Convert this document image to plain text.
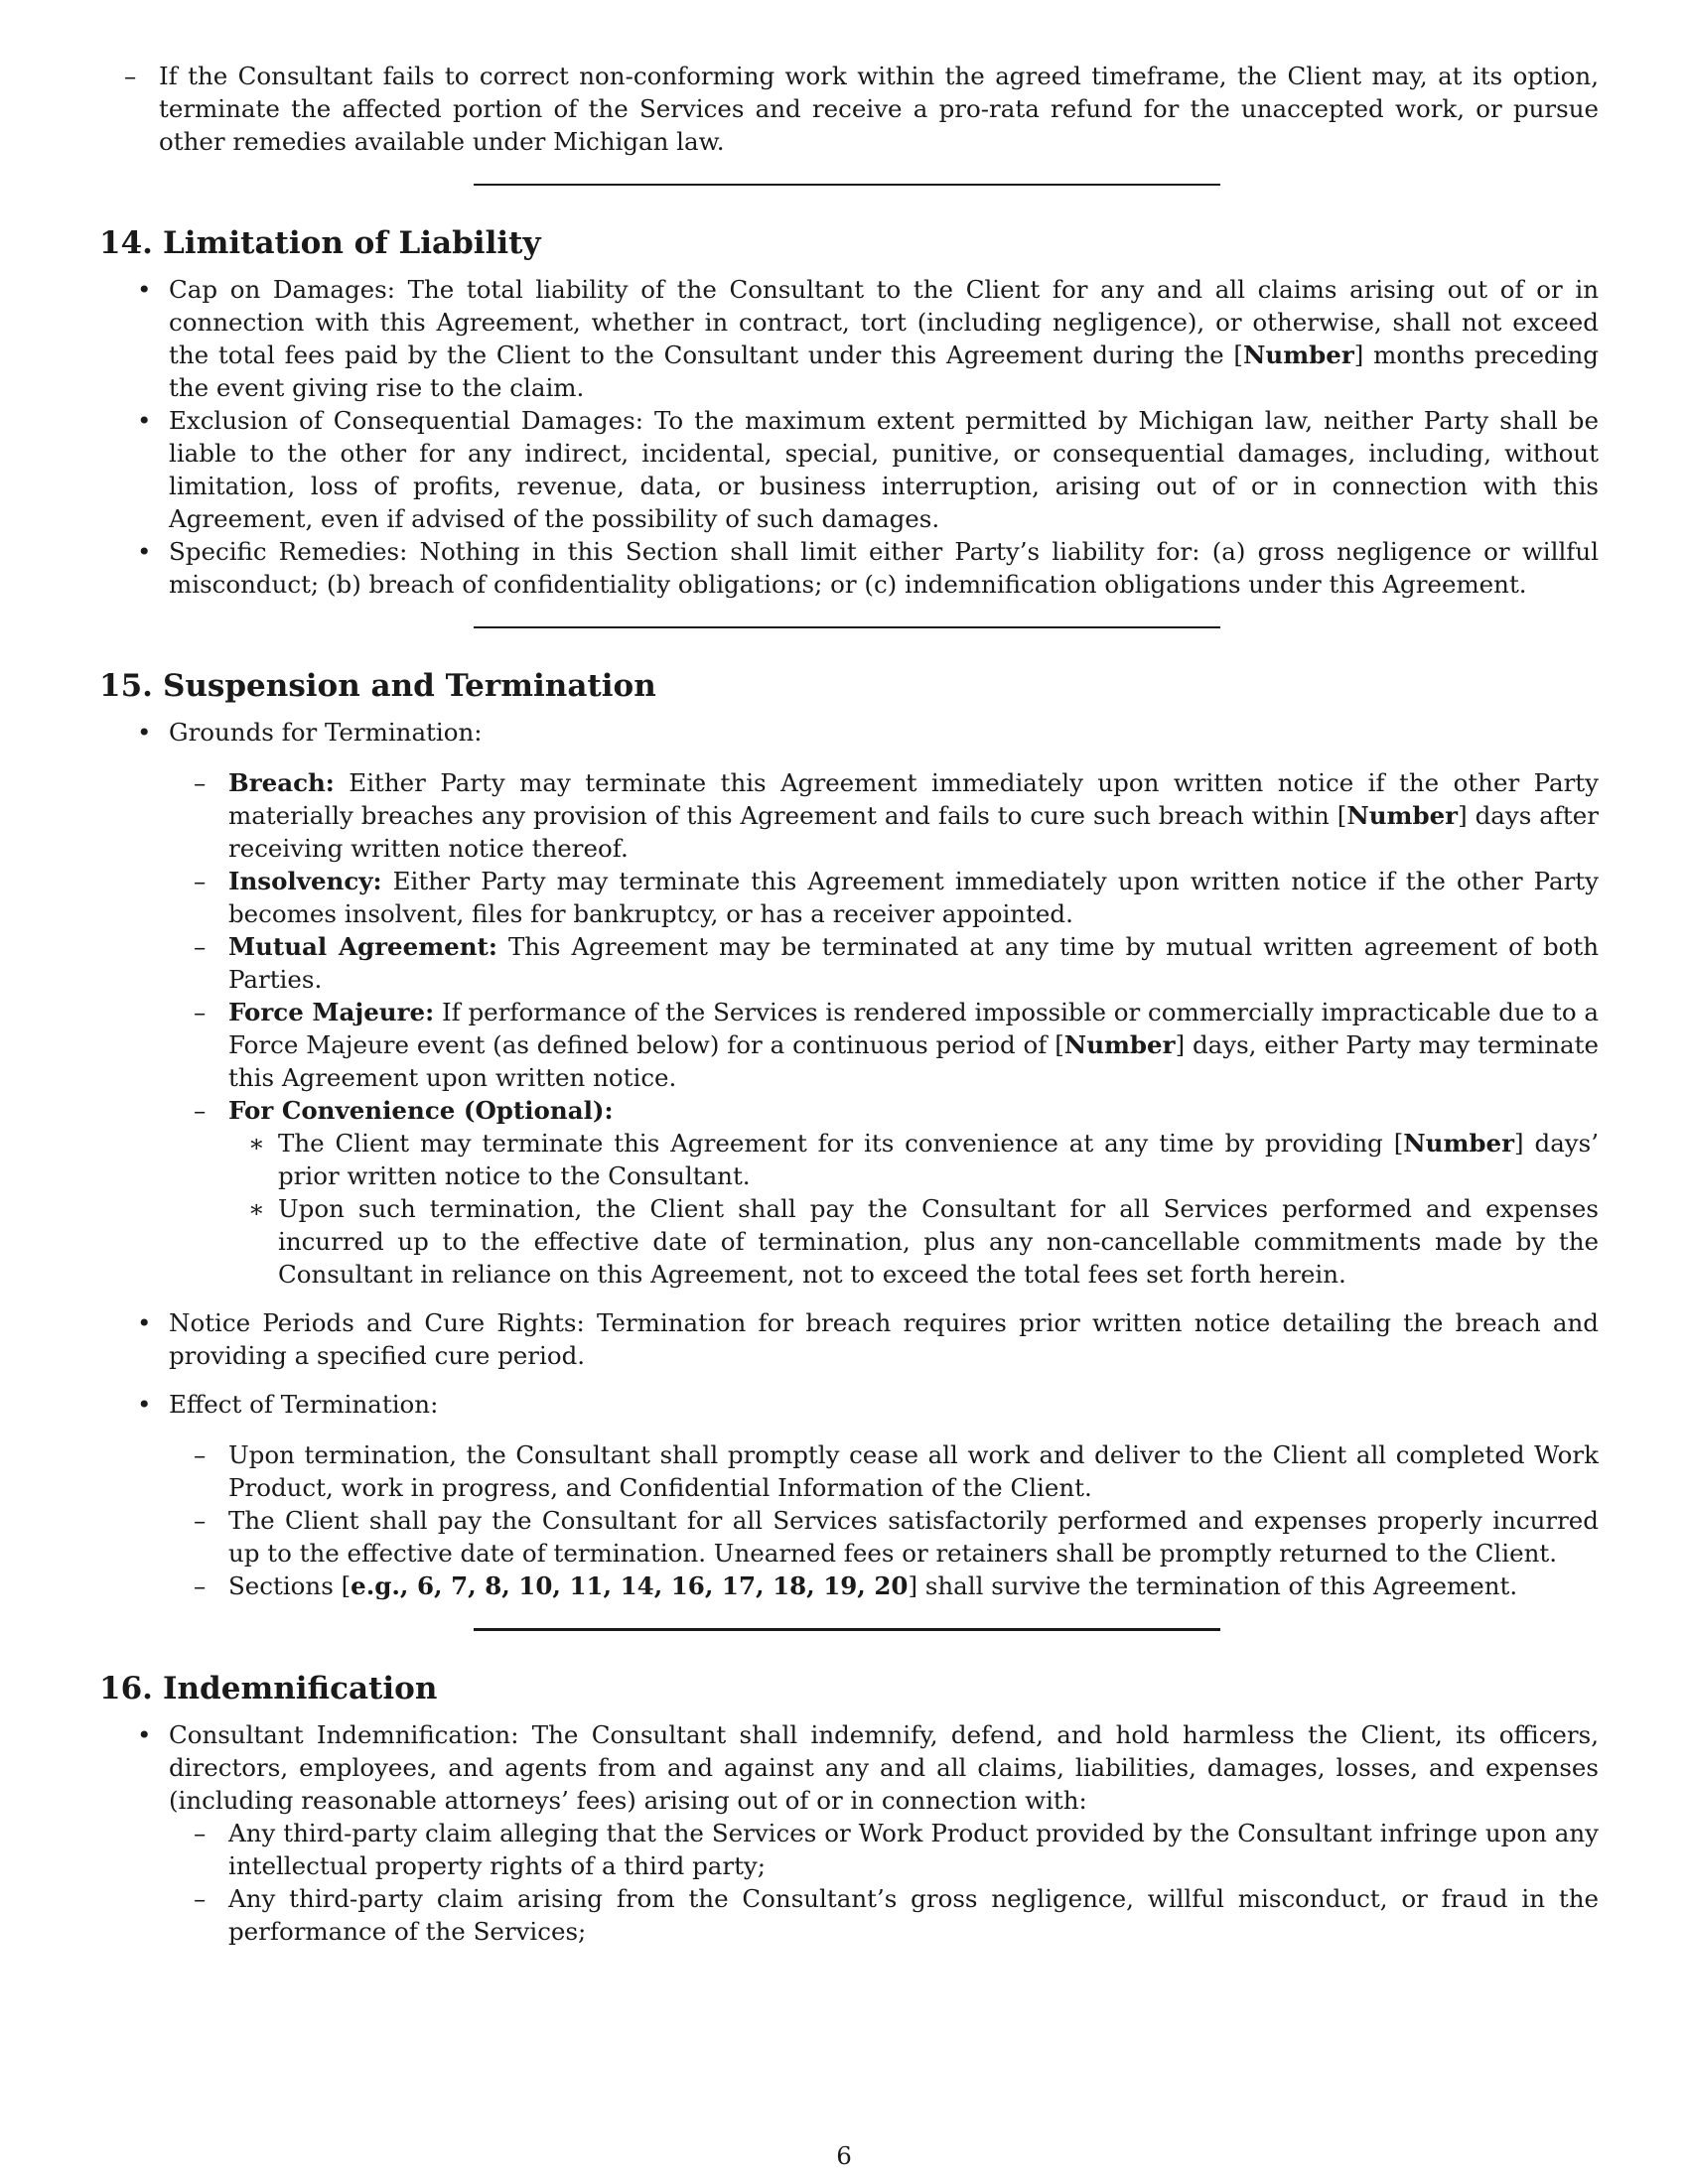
– If the Consultant fails to correct non-conforming work within the agreed timeframe, the Client may, at its option, terminate the affected portion of the Services and receive a pro-rata refund for the unaccepted work, or pursue other remedies available under Michigan law.
14. Limitation of Liability
• Cap on Damages: The total liability of the Consultant to the Client for any and all claims arising out of or in connection with this Agreement, whether in contract, tort (including negligence), or otherwise, shall not exceed the total fees paid by the Client to the Consultant under this Agreement during the [Number] months preceding the event giving rise to the claim.
• Exclusion of Consequential Damages: To the maximum extent permitted by Michigan law, neither Party shall be liable to the other for any indirect, incidental, special, punitive, or consequential damages, including, without limitation, loss of profits, revenue, data, or business interruption, arising out of or in connection with this Agreement, even if advised of the possibility of such damages.
• Specific Remedies: Nothing in this Section shall limit either Party’s liability for: (a) gross negligence or willful misconduct; (b) breach of confidentiality obligations; or (c) indemnification obligations under this Agreement.
15. Suspension and Termination
• Grounds for Termination:
– Breach: Either Party may terminate this Agreement immediately upon written notice if the other Party materially breaches any provision of this Agreement and fails to cure such breach within [Number] days after receiving written notice thereof.
– Insolvency: Either Party may terminate this Agreement immediately upon written notice if the other Party becomes insolvent, files for bankruptcy, or has a receiver appointed.
– Mutual Agreement: This Agreement may be terminated at any time by mutual written agreement of both Parties.
– Force Majeure: If performance of the Services is rendered impossible or commercially impracticable due to a Force Majeure event (as defined below) for a continuous period of [Number] days, either Party may terminate this Agreement upon written notice.
– For Convenience (Optional):
∗ The Client may terminate this Agreement for its convenience at any time by providing [Number] days’ prior written notice to the Consultant.
∗ Upon such termination, the Client shall pay the Consultant for all Services performed and expenses incurred up to the effective date of termination, plus any non-cancellable commitments made by the Consultant in reliance on this Agreement, not to exceed the total fees set forth herein.
• Notice Periods and Cure Rights: Termination for breach requires prior written notice detailing the breach and providing a specified cure period.
• Effect of Termination:
– Upon termination, the Consultant shall promptly cease all work and deliver to the Client all completed Work Product, work in progress, and Confidential Information of the Client.
– The Client shall pay the Consultant for all Services satisfactorily performed and expenses properly incurred up to the effective date of termination. Unearned fees or retainers shall be promptly returned to the Client.
– Sections [e.g., 6, 7, 8, 10, 11, 14, 16, 17, 18, 19, 20] shall survive the termination of this Agreement.
16. Indemnification
• Consultant Indemnification: The Consultant shall indemnify, defend, and hold harmless the Client, its officers, directors, employees, and agents from and against any and all claims, liabilities, damages, losses, and expenses (including reasonable attorneys’ fees) arising out of or in connection with:
– Any third-party claim alleging that the Services or Work Product provided by the Consultant infringe upon any intellectual property rights of a third party;
– Any third-party claim arising from the Consultant’s gross negligence, willful misconduct, or fraud in the performance of the Services;
6
